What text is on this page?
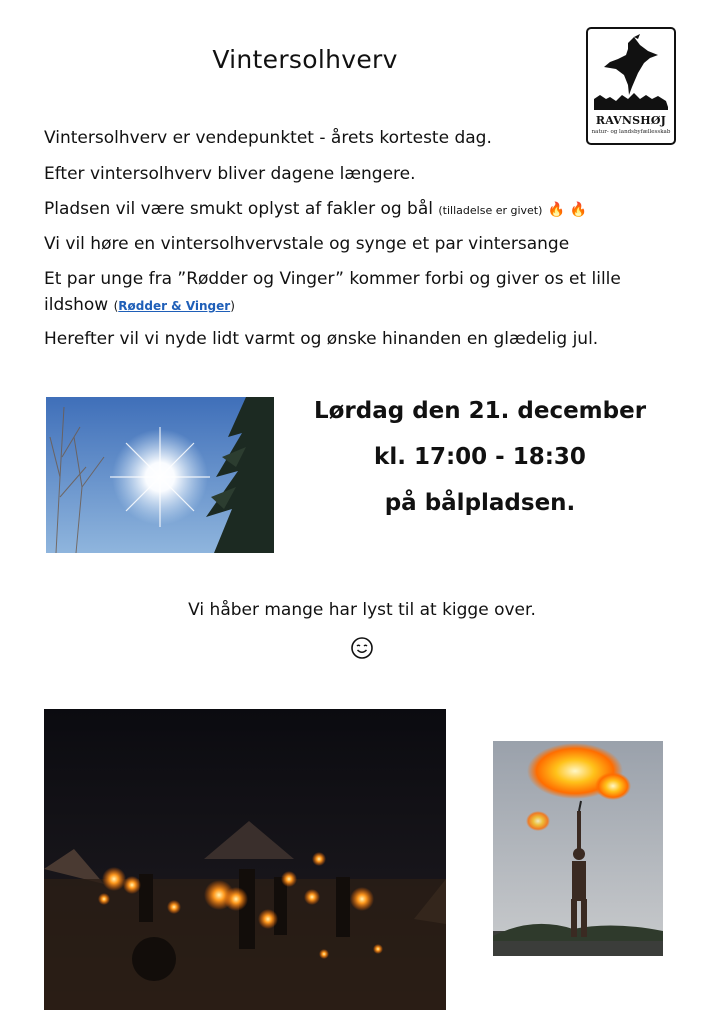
Vintersolhverv
RAVNSHØJ
natur- og landsbyfællesskab
Vintersolhverv er vendepunktet - årets korteste dag.
Efter vintersolhverv bliver dagene længere.
Pladsen vil være smukt oplyst af fakler og bål (tilladelse er givet) 🔥 🔥
Vi vil høre en vintersolhvervstale og synge et par vintersange
Et par unge fra ”Rødder og Vinger” kommer forbi og giver os et lille
ildshow (Rødder & Vinger)
Herefter vil vi nyde lidt varmt og ønske hinanden en glædelig jul.
Lørdag den 21. december
kl. 17:00 - 18:30
på bålpladsen.
Vi håber mange har lyst til at kigge over.
